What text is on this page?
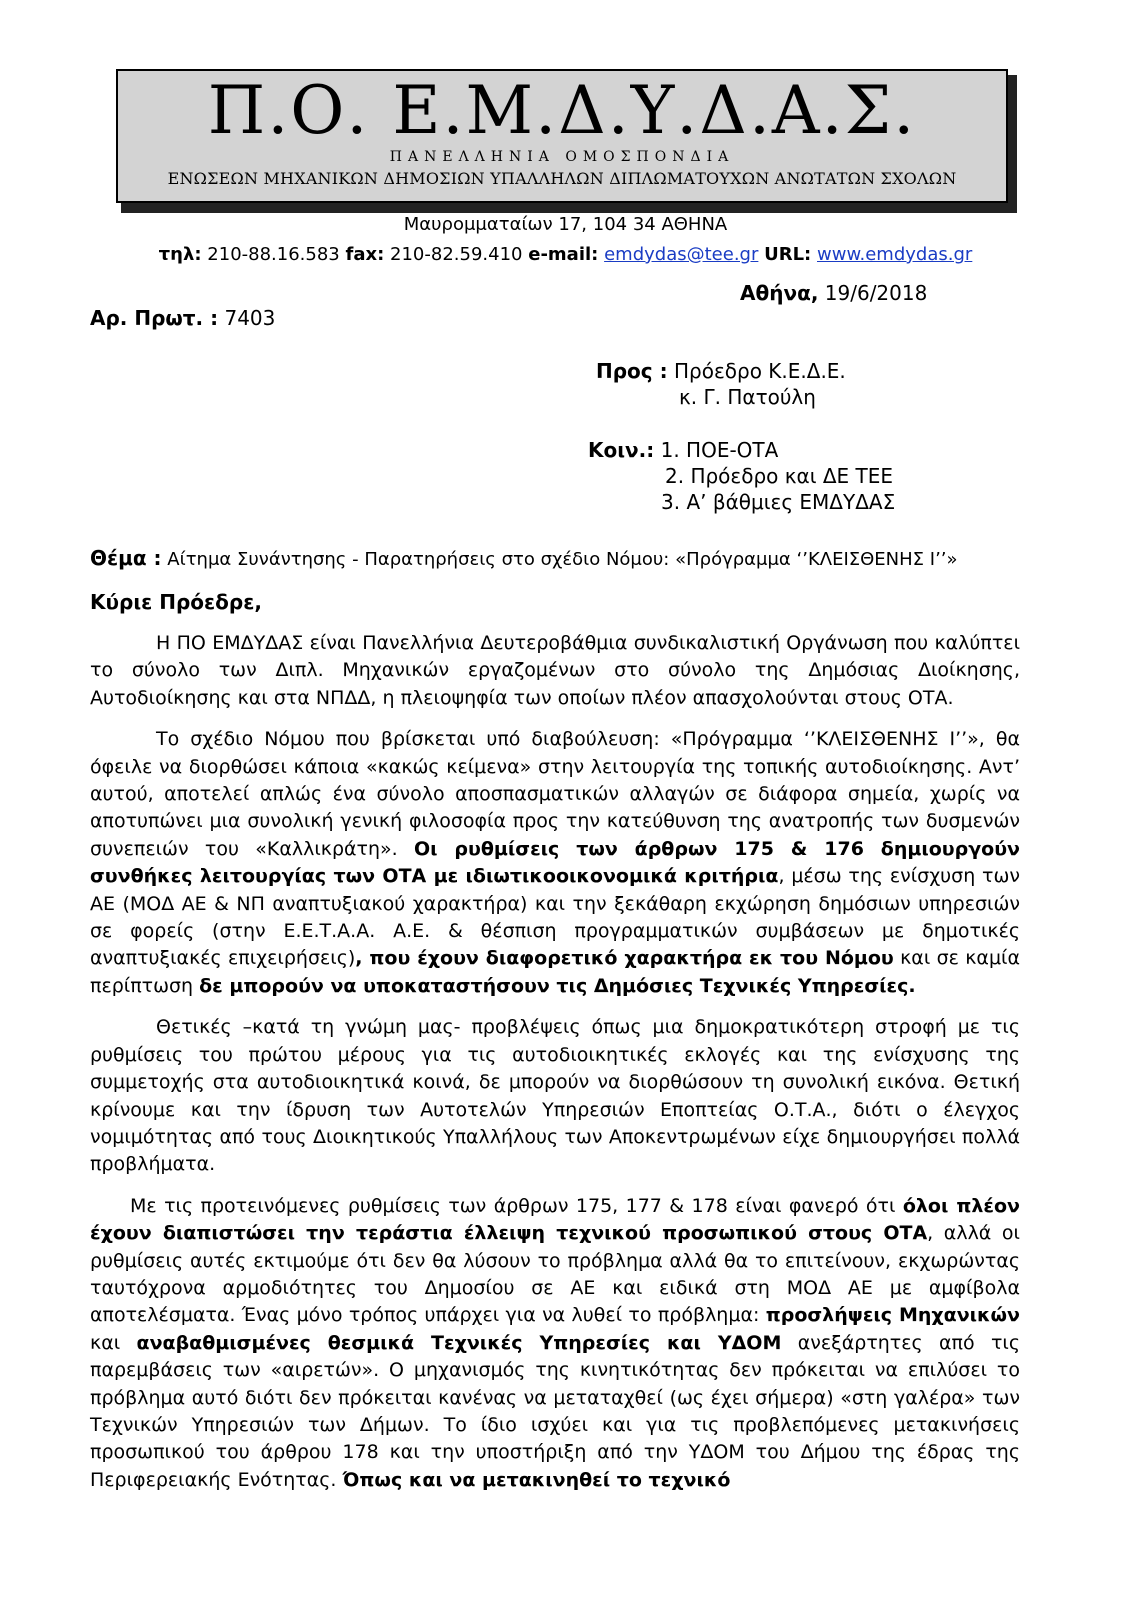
Π.Ο. Ε.Μ.Δ.Υ.Δ.Α.Σ.
ΠΑΝΕΛΛΗΝΙΑ ΟΜΟΣΠΟΝΔΙΑ
ΕΝΩΣΕΩΝ ΜΗΧΑΝΙΚΩΝ ΔΗΜΟΣΙΩΝ ΥΠΑΛΛΗΛΩΝ ΔΙΠΛΩΜΑΤΟΥΧΩΝ ΑΝΩΤΑΤΩΝ ΣΧΟΛΩΝ
Μαυρομματαίων 17, 104 34 ΑΘΗΝΑ
τηλ: 210-88.16.583 fax: 210-82.59.410 e-mail: emdydas@tee.gr URL: www.emdydas.gr
Αθήνα, 19/6/2018
Αρ. Πρωτ. : 7403
Προς : Πρόεδρο Κ.Ε.Δ.Ε.
κ. Γ. Πατούλη
Κοιν.: 1. ΠΟΕ-ΟΤΑ
2. Πρόεδρο και ΔΕ ΤΕΕ
3. Α’ βάθμιες ΕΜΔΥΔΑΣ
Θέμα : Αίτημα Συνάντησης - Παρατηρήσεις στο σχέδιο Νόμου: «Πρόγραμμα ‘’ΚΛΕΙΣΘΕΝΗΣ Ι’’»
Κύριε Πρόεδρε,

Η ΠΟ ΕΜΔΥΔΑΣ είναι Πανελλήνια Δευτεροβάθμια συνδικαλιστική Οργάνωση που καλύπτει το σύνολο των Διπλ. Μηχανικών εργαζομένων στο σύνολο της Δημόσιας Διοίκησης, Αυτοδιοίκησης και στα ΝΠΔΔ, η πλειοψηφία των οποίων πλέον απασχολούνται στους ΟΤΑ.

Το σχέδιο Νόμου που βρίσκεται υπό διαβούλευση: «Πρόγραμμα ‘’ΚΛΕΙΣΘΕΝΗΣ Ι’’», θα όφειλε να διορθώσει κάποια «κακώς κείμενα» στην λειτουργία της τοπικής αυτοδιοίκησης. Αντ’ αυτού, αποτελεί απλώς ένα σύνολο αποσπασματικών αλλαγών σε διάφορα σημεία, χωρίς να αποτυπώνει μια συνολική γενική φιλοσοφία προς την κατεύθυνση της ανατροπής των δυσμενών συνεπειών του «Καλλικράτη». Οι ρυθμίσεις των άρθρων 175 & 176 δημιουργούν συνθήκες λειτουργίας των ΟΤΑ με ιδιωτικοοικονομικά κριτήρια, μέσω της ενίσχυση των ΑΕ (ΜΟΔ ΑΕ & ΝΠ αναπτυξιακού χαρακτήρα) και την ξεκάθαρη εκχώρηση δημόσιων υπηρεσιών σε φορείς (στην Ε.Ε.Τ.Α.Α. Α.Ε. & θέσπιση προγραμματικών συμβάσεων με δημοτικές αναπτυξιακές επιχειρήσεις), που έχουν διαφορετικό χαρακτήρα εκ του Νόμου και σε καμία περίπτωση δε μπορούν να υποκαταστήσουν τις Δημόσιες Τεχνικές Υπηρεσίες.

Θετικές –κατά τη γνώμη μας- προβλέψεις όπως μια δημοκρατικότερη στροφή με τις ρυθμίσεις του πρώτου μέρους για τις αυτοδιοικητικές εκλογές και της ενίσχυσης της συμμετοχής στα αυτοδιοικητικά κοινά, δε μπορούν να διορθώσουν τη συνολική εικόνα. Θετική κρίνουμε και την ίδρυση των Αυτοτελών Υπηρεσιών Εποπτείας Ο.Τ.Α., διότι ο έλεγχος νομιμότητας από τους Διοικητικούς Υπαλλήλους των Αποκεντρωμένων είχε δημιουργήσει πολλά προβλήματα.

Με τις προτεινόμενες ρυθμίσεις των άρθρων 175, 177 & 178 είναι φανερό ότι όλοι πλέον έχουν διαπιστώσει την τεράστια έλλειψη τεχνικού προσωπικού στους ΟΤΑ, αλλά οι ρυθμίσεις αυτές εκτιμούμε ότι δεν θα λύσουν το πρόβλημα αλλά θα το επιτείνουν, εκχωρώντας ταυτόχρονα αρμοδιότητες του Δημοσίου σε ΑΕ και ειδικά στη ΜΟΔ ΑΕ με αμφίβολα αποτελέσματα. Ένας μόνο τρόπος υπάρχει για να λυθεί το πρόβλημα: προσλήψεις Μηχανικών και αναβαθμισμένες θεσμικά Τεχνικές Υπηρεσίες και ΥΔΟΜ ανεξάρτητες από τις παρεμβάσεις των «αιρετών». Ο μηχανισμός της κινητικότητας δεν πρόκειται να επιλύσει το πρόβλημα αυτό διότι δεν πρόκειται κανένας να μεταταχθεί (ως έχει σήμερα) «στη γαλέρα» των Τεχνικών Υπηρεσιών των Δήμων. Το ίδιο ισχύει και για τις προβλεπόμενες μετακινήσεις προσωπικού του άρθρου 178 και την υποστήριξη από την ΥΔΟΜ του Δήμου της έδρας της Περιφερειακής Ενότητας. Όπως και να μετακινηθεί το τεχνικό
